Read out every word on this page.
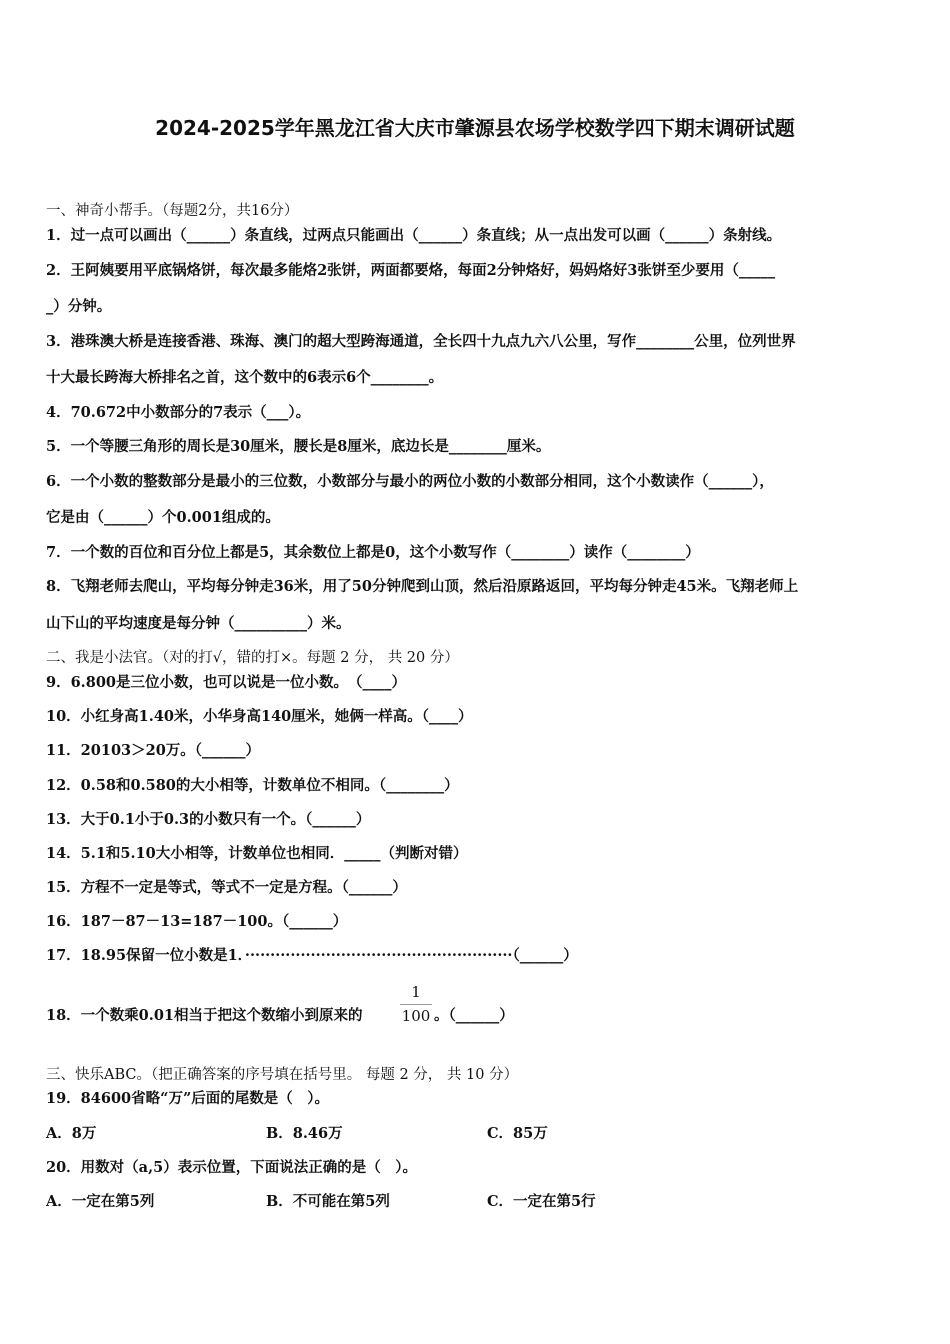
2024-2025学年黑龙江省大庆市肇源县农场学校数学四下期末调研试题
一、神奇小帮手。（每题2分，共16分）
1．过一点可以画出（______）条直线，过两点只能画出（______）条直线；从一点出发可以画（______）条射线。
2．王阿姨要用平底锅烙饼，每次最多能烙2张饼，两面都要烙，每面2分钟烙好，妈妈烙好3张饼至少要用（_____
_）分钟。
3．港珠澳大桥是连接香港、珠海、澳门的超大型跨海通道，全长四十九点九六八公里，写作________公里，位列世界
十大最长跨海大桥排名之首，这个数中的6表示6个________。
4．70.672中小数部分的7表示（___）。
5．一个等腰三角形的周长是30厘米，腰长是8厘米，底边长是________厘米。
6．一个小数的整数部分是最小的三位数，小数部分与最小的两位小数的小数部分相同，这个小数读作（______），
它是由（______）个0.001组成的。
7．一个数的百位和百分位上都是5，其余数位上都是0，这个小数写作（________）读作（________）
8．飞翔老师去爬山，平均每分钟走36米，用了50分钟爬到山顶，然后沿原路返回，平均每分钟走45米。飞翔老师上
山下山的平均速度是每分钟（__________）米。
二、我是小法官。（对的打√，错的打×。每题 2 分， 共 20 分）
9．6.800是三位小数，也可以说是一位小数。　（____）
10．小红身高1.40米，小华身高140厘米，她俩一样高。（____）
11．20103＞20万。（______）
12．0.58和0.580的大小相等，计数单位不相同。（________）
13．大于0.1小于0.3的小数只有一个。（______）
14．5.1和5.10大小相等，计数单位也相同．_____（判断对错）
15．方程不一定是等式，等式不一定是方程。（______）
16．187－87－13=187－100。（______）
17．18.95保留一位小数是1．·····················································（______）
18．一个数乘0.01相当于把这个数缩小到原来的
1
100 。（______）
三、快乐ABC。（把正确答案的序号填在括号里。 每题 2 分， 共 10 分）
19．84600省略“万”后面的尾数是（　）。
A．8万	B．8.46万	C．85万
20．用数对（a,5）表示位置，下面说法正确的是（　）。
A．一定在第5列	B．不可能在第5列	C．一定在第5行
